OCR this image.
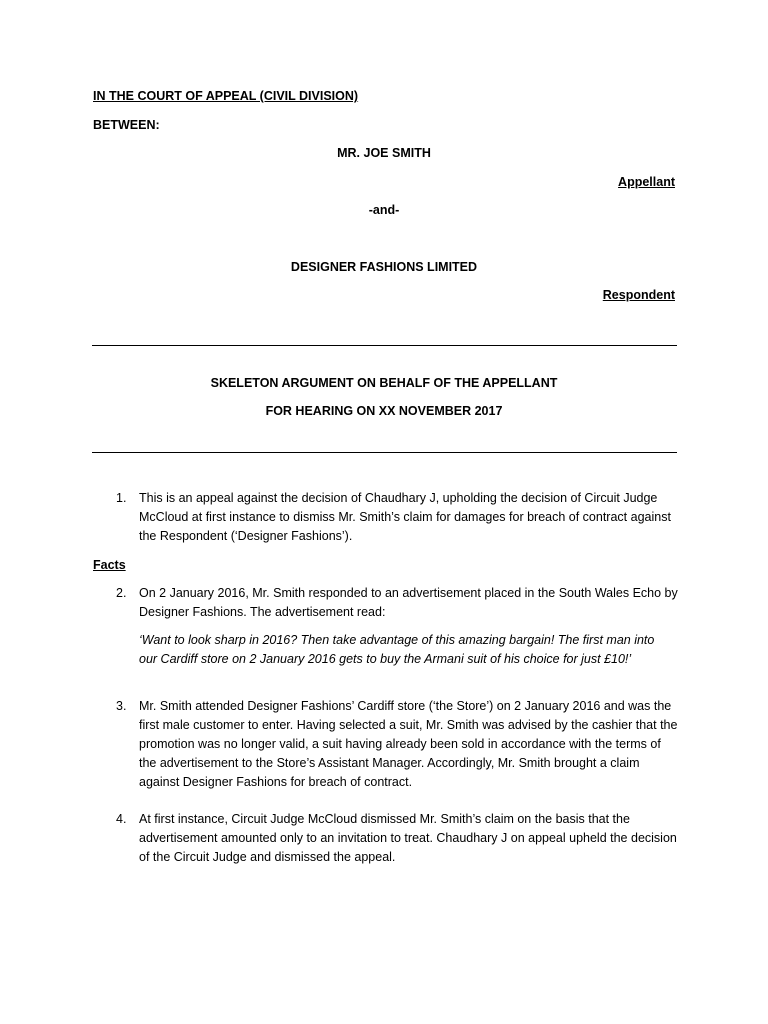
IN THE COURT OF APPEAL (CIVIL DIVISION)
BETWEEN:
MR. JOE SMITH
Appellant
-and-
DESIGNER FASHIONS LIMITED
Respondent
SKELETON ARGUMENT ON BEHALF OF THE APPELLANT
FOR HEARING ON XX NOVEMBER 2017
1. This is an appeal against the decision of Chaudhary J, upholding the decision of Circuit Judge McCloud at first instance to dismiss Mr. Smith’s claim for damages for breach of contract against the Respondent (‘Designer Fashions’).
Facts
2. On 2 January 2016, Mr. Smith responded to an advertisement placed in the South Wales Echo by Designer Fashions. The advertisement read:
‘Want to look sharp in 2016? Then take advantage of this amazing bargain! The first man into our Cardiff store on 2 January 2016 gets to buy the Armani suit of his choice for just £10!’
3. Mr. Smith attended Designer Fashions’ Cardiff store (‘the Store’) on 2 January 2016 and was the first male customer to enter. Having selected a suit, Mr. Smith was advised by the cashier that the promotion was no longer valid, a suit having already been sold in accordance with the terms of the advertisement to the Store’s Assistant Manager. Accordingly, Mr. Smith brought a claim against Designer Fashions for breach of contract.
4. At first instance, Circuit Judge McCloud dismissed Mr. Smith’s claim on the basis that the advertisement amounted only to an invitation to treat. Chaudhary J on appeal upheld the decision of the Circuit Judge and dismissed the appeal.
